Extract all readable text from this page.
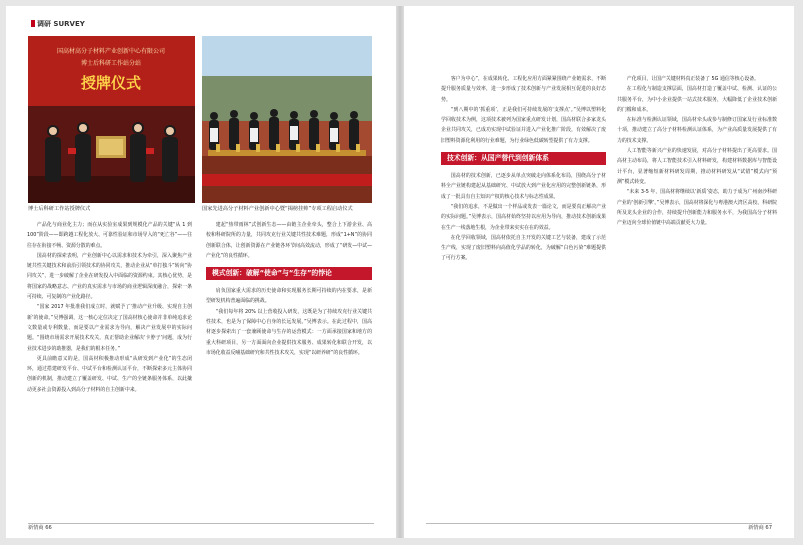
调研 SURVEY
国高材高分子材料产业创新中心有限公司
博士后科研工作站分站
授牌仪式
博士后科研工作站授牌仪式	国家先进高分子材料产业创新中心暨“揭榜挂帅”专项工程启动仪式

产品化与商业化主力；而在从实验室成果到规模化产品的关键“从 1 到 100”阶段——即跨越工程化放大、可靠性验证和市场导入的“死亡谷”——往往存在衔接不畅、资源分散的难点。

国高材的探索表明，产业创新中心以需求和技术为牵引，深入聚焦产业链共性关键技术和前沿引领技术的协同攻关，推动企业从“单打独斗”转向“协同攻关”，进一步破解了企业在研发投入中面临的资源约束。其核心优势，是将国家的战略意志、产业的真实需求与市场的商业逻辑深度融合，探索一条可持续、可复制的产业化路径。

“国家 2017 年批准我们成立时，就赋予了‘推动产业升级、实现自主创新’的使命。”吴博强调，这一核心定位决定了国高材核心使命并非单纯追求论文数量或专利数量，而是要以产业需求为导向，解决产业发展中的实际问题。“围绕市场需求开展技术攻关，真正帮助企业解决‘卡脖子’问题，成为行业技术进步的助推器，是我们的根本任务。”

更具前瞻意义的是，国高材积极推动形成“从研发到产业化”的生态闭环，通过搭建研发平台、中试平台和检测认证平台，不断探索多元主体协同创新的机制，推动建立了覆盖研发、中试、生产的全链条服务体系，以此撬动更多社会资源投入到高分子材料的自主创新中来。

建起“热带雨林”式创新生态——由链主企业牵头，整合上下游企业、高校和科研院所的力量，共同攻克行业关键共性技术难题，形成“1+N”的协同创新联合体，让创新资源在产业链各环节间高效流动，形成了“研发—中试—产业化”的良性循环。

模式创新：破解“使命”与“生存”的悖论

肩负国家重大需求的历史使命和实现服务长期可持续的内在要求，是新型研发机构普遍面临的挑战。

“我们每年将 20% 以上营收投入研发，这既是为了持续攻克行业关键共性技术，也是为了保障中心自身的长远发展。”吴博表示。在此过程中，国高材逐步探索出了一套兼顾使命与生存的运营模式：一方面承接国家和地方的重大科研项目，另一方面面向企业提供技术服务、成果转化和联合开发，以市场化收益反哺基础研究和共性技术攻关，实现“以研养研”的良性循环。

新情商 66

客户为中心”，在成果转化、工程化应用方面紧紧围绕产业链需求，不断提升服务质量与效率，进一步形成了技术创新与产业发展相互促进的良好态势。

“到八期中的‘抓重项’，正是我们可持续发展的‘支撑点’。”吴博以塑料化学回收技术为例，这项技术被列为国家重点研发计划，国高材联合多家龙头企业共同攻关，已成功实现中试验证并进入产业化推广阶段，有效解决了废旧塑料资源化利用的行业难题，为行业绿色低碳转型提供了有力支撑。

技术创新：从国产替代到创新体系

国高材的技术创新，已逐步从单点突破走向体系化布局，围绕高分子材料全产业链构建起从基础研究、中试放大到产业化应用的完整创新链条，形成了一批具有自主知识产权的核心技术与标志性成果。

“我们的追求，不是做出一个样品或发表一篇论文，而是要真正解决产业的实际问题。”吴博表示，国高材始终坚持以应用为导向，推动技术创新成果在生产一线落地生根，为企业带来实实在在的效益。

在化学回收领域，国高材依托自主开发的关键工艺与装备，建成了示范生产线，实现了废旧塑料向高值化学品的转化，为破解“白色污染”难题提供了可行方案。

产化项目，让国产关键材料真正装备了 5G 通信等核心设备。

在工程化与制造支撑层面，国高材打造了覆盖中试、检测、认证的公共服务平台，为中小企业提供一站式技术服务，大幅降低了企业技术创新的门槛和成本。

在标准与检测认证领域，国高材牵头或参与制修订国家及行业标准数十项，推动建立了高分子材料检测认证体系，为产业高质量发展提供了有力的技术支撑。

人工智能等新兴产业的快速发展，对高分子材料提出了更高要求。国高材主动布局，将人工智能技术引入材料研发，构建材料数据库与智能设计平台，显著缩短新材料研发周期，推动材料研发从“试错”模式向“预测”模式转变。

“未来 3-5 年，国高材将继续以‘新质’姿态，助力于成为广州南沙科研产业的‘创新引擎’。”吴博表示，国高材将深化与粤港澳大湾区高校、科研院所及龙头企业的合作，持续提升创新能力和服务水平，为我国高分子材料产业迈向全球价值链中高端贡献更大力量。

新情商 67
